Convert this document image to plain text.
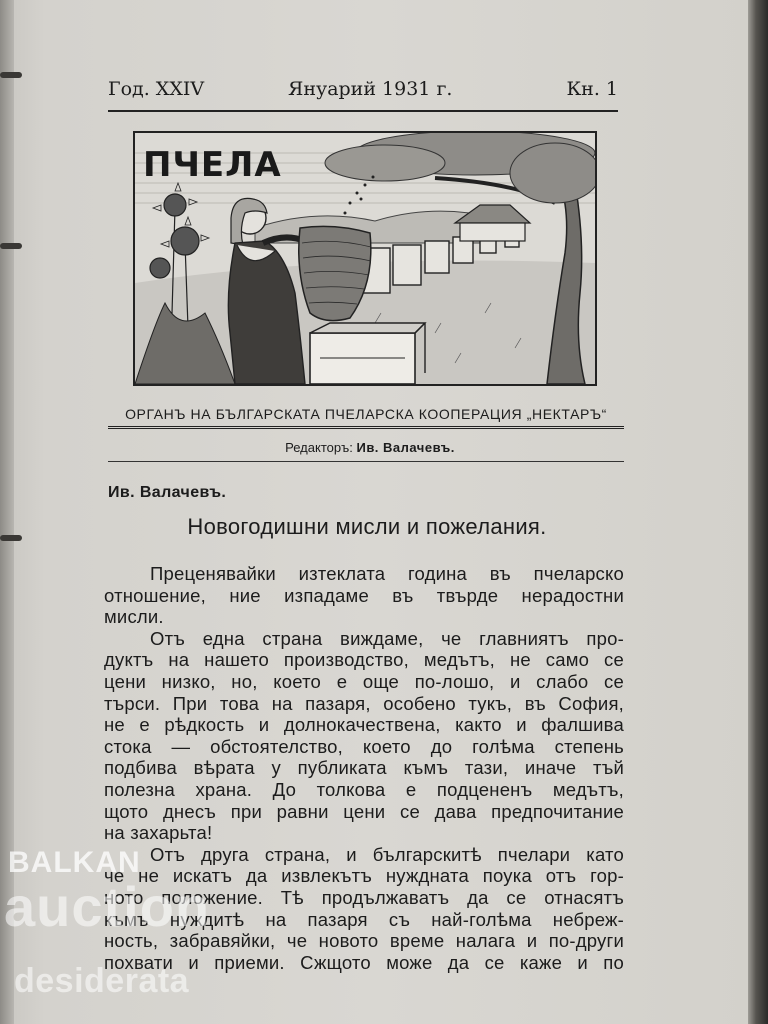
Год. XXIV	Януарий 1931 г.	Кн. 1
ПЧЕЛА
ОРГАНЪ НА БЪЛГАРСКАТА ПЧЕЛАРСКА КООПЕРАЦИЯ „НЕКТАРЪ“
Редакторъ: Ив. Валачевъ.
Ив. Валачевъ.
Новогодишни мисли и пожелания.
Преценявайки изтеклата година въ пчеларско
отношение, ние изпадаме въ твърде нерадостни
мисли.
Отъ една страна виждаме, че главниятъ про-
дуктъ на нашето производство, медътъ, не само се
цени низко, но, което е още по-лошо, и слабо се
търси. При това на пазаря, особено тукъ, въ София,
не е рѣдкость и долнокачествена, както и фалшива
стока — обстоятелство, което до голѣма степень
подбива вѣрата у публиката къмъ тази, иначе тъй
полезна храна. До толкова е подцененъ медътъ,
щото днесъ при равни цени се дава предпочитание
на захарьта!
Отъ друга страна, и българскитѣ пчелари като
че не искатъ да извлекътъ нуждната поука отъ гор-
ното положение. Тѣ продължаватъ да се отнасятъ
къмъ нуждитѣ на пазаря съ най-голѣма небреж-
ность, забравяйки, че новото време налага и по-други
похвати и приеми. Сжщото може да се каже и по
BALKAN
auction
desiderata
